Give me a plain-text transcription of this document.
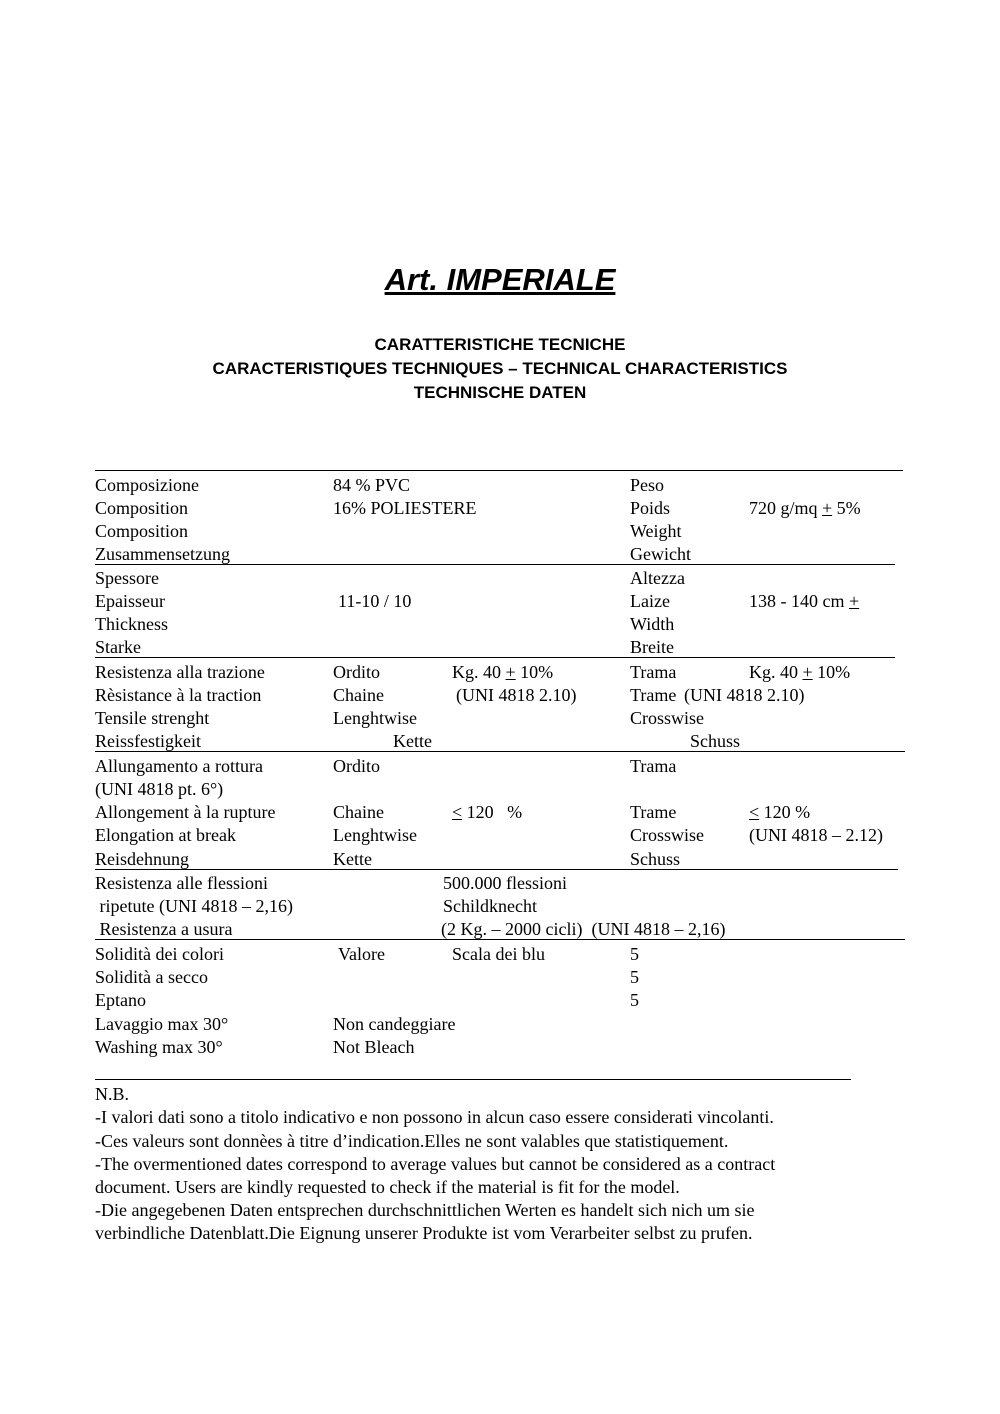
Art. IMPERIALE
CARATTERISTICHE TECNICHE
CARACTERISTIQUES TECHNIQUES – TECHNICAL CHARACTERISTICS
TECHNISCHE DATEN
Composizione
Composition
Composition
Zusammensetzung
84 % PVC
16% POLIESTERE
Peso
Poids
Weight
Gewicht
720 g/mq + 5%
Spessore
Epaisseur
Thickness
Starke
11-10 / 10
Altezza
Laize
Width
Breite
138 - 140 cm +
Resistenza alla trazione
Rèsistance à la traction
Tensile strenght
Reissfestigkeit
Ordito
Chaine
Lenghtwise
Kette
Kg. 40 + 10%
(UNI 4818 2.10)
Trama
Trame
Crosswise
Schuss
Kg. 40 + 10%
(UNI 4818 2.10)
Allungamento a rottura
(UNI 4818 pt. 6°)
Allongement à la rupture
Elongation at break
Reisdehnung
Ordito
Chaine
Lenghtwise
Kette
≤ 120   %
Trama
Trame
Crosswise
Schuss
≤ 120 %
(UNI 4818 – 2.12)
Resistenza alle flessioni
ripetute (UNI 4818 – 2,16)
Resistenza a usura
500.000 flessioni
Schildknecht
(2 Kg. – 2000 cicli)  (UNI 4818 – 2,16)
Solidità dei colori
Solidità a secco
Eptano
Lavaggio max 30°
Washing max 30°
Valore	Scala dei blu	5
5
5
Non candeggiare
Not Bleach
N.B.
-I valori dati sono a titolo indicativo e non possono in alcun caso essere considerati vincolanti.
-Ces valeurs sont donnèes à titre d’indication.Elles ne sont valables que statistiquement.
-The overmentioned dates correspond to average values but cannot be considered as a contract
document. Users are kindly requested to check if the material is fit for the model.
-Die angegebenen Daten entsprechen durchschnittlichen Werten es handelt sich nich um sie
verbindliche Datenblatt.Die Eignung unserer Produkte ist vom Verarbeiter selbst zu prufen.
